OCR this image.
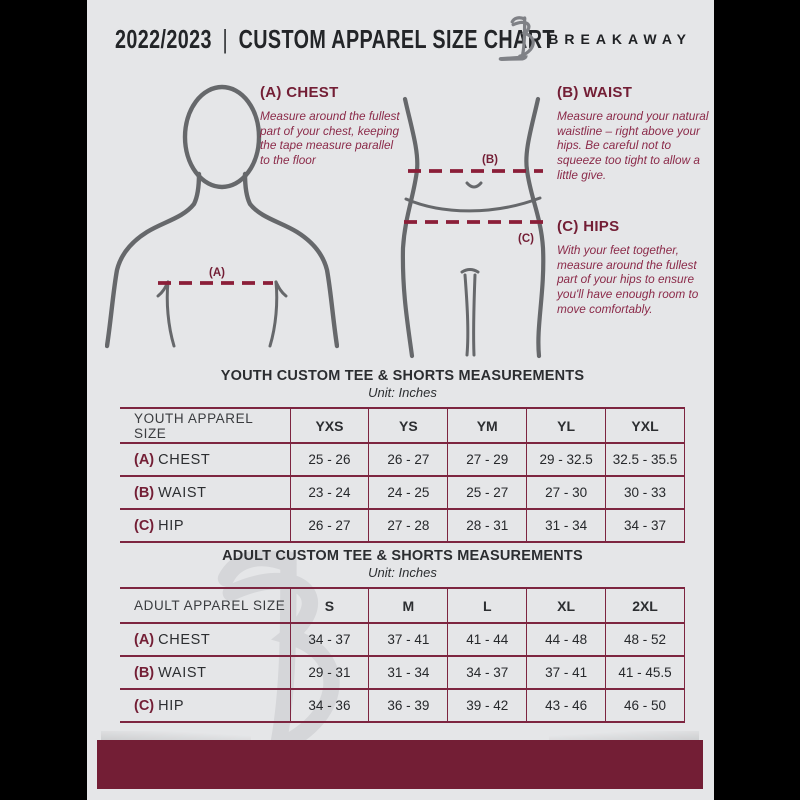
2022/2023 | CUSTOM APPAREL SIZE CHART
BREAKAWAY
(A)
(B)
(C)

(A) CHEST

Measure around the fullest part of your chest, keeping the tape measure parallel to the floor

(B) WAIST

Measure around your natural waistline – right above your hips. Be careful not to squeeze too tight to allow a little give.

(C) HIPS

With your feet together, measure around the fullest part of your hips to ensure you'll have enough room to move comfortably.

YOUTH CUSTOM TEE & SHORTS MEASUREMENTS

Unit: Inches

YOUTH APPAREL SIZE	YXS	YS	YM	YL	YXL
(A) CHEST	25 - 26	26 - 27	27 - 29	29 - 32.5	32.5 - 35.5
(B) WAIST	23 - 24	24 - 25	25 - 27	27 - 30	30 - 33
(C) HIP	26 - 27	27 - 28	28 - 31	31 - 34	34 - 37

ADULT CUSTOM TEE & SHORTS MEASUREMENTS

Unit: Inches

ADULT APPAREL SIZE	S	M	L	XL	2XL
(A) CHEST	34 - 37	37 - 41	41 - 44	44 - 48	48 - 52
(B) WAIST	29 - 31	31 - 34	34 - 37	37 - 41	41 - 45.5
(C) HIP	34 - 36	36 - 39	39 - 42	43 - 46	46 - 50
